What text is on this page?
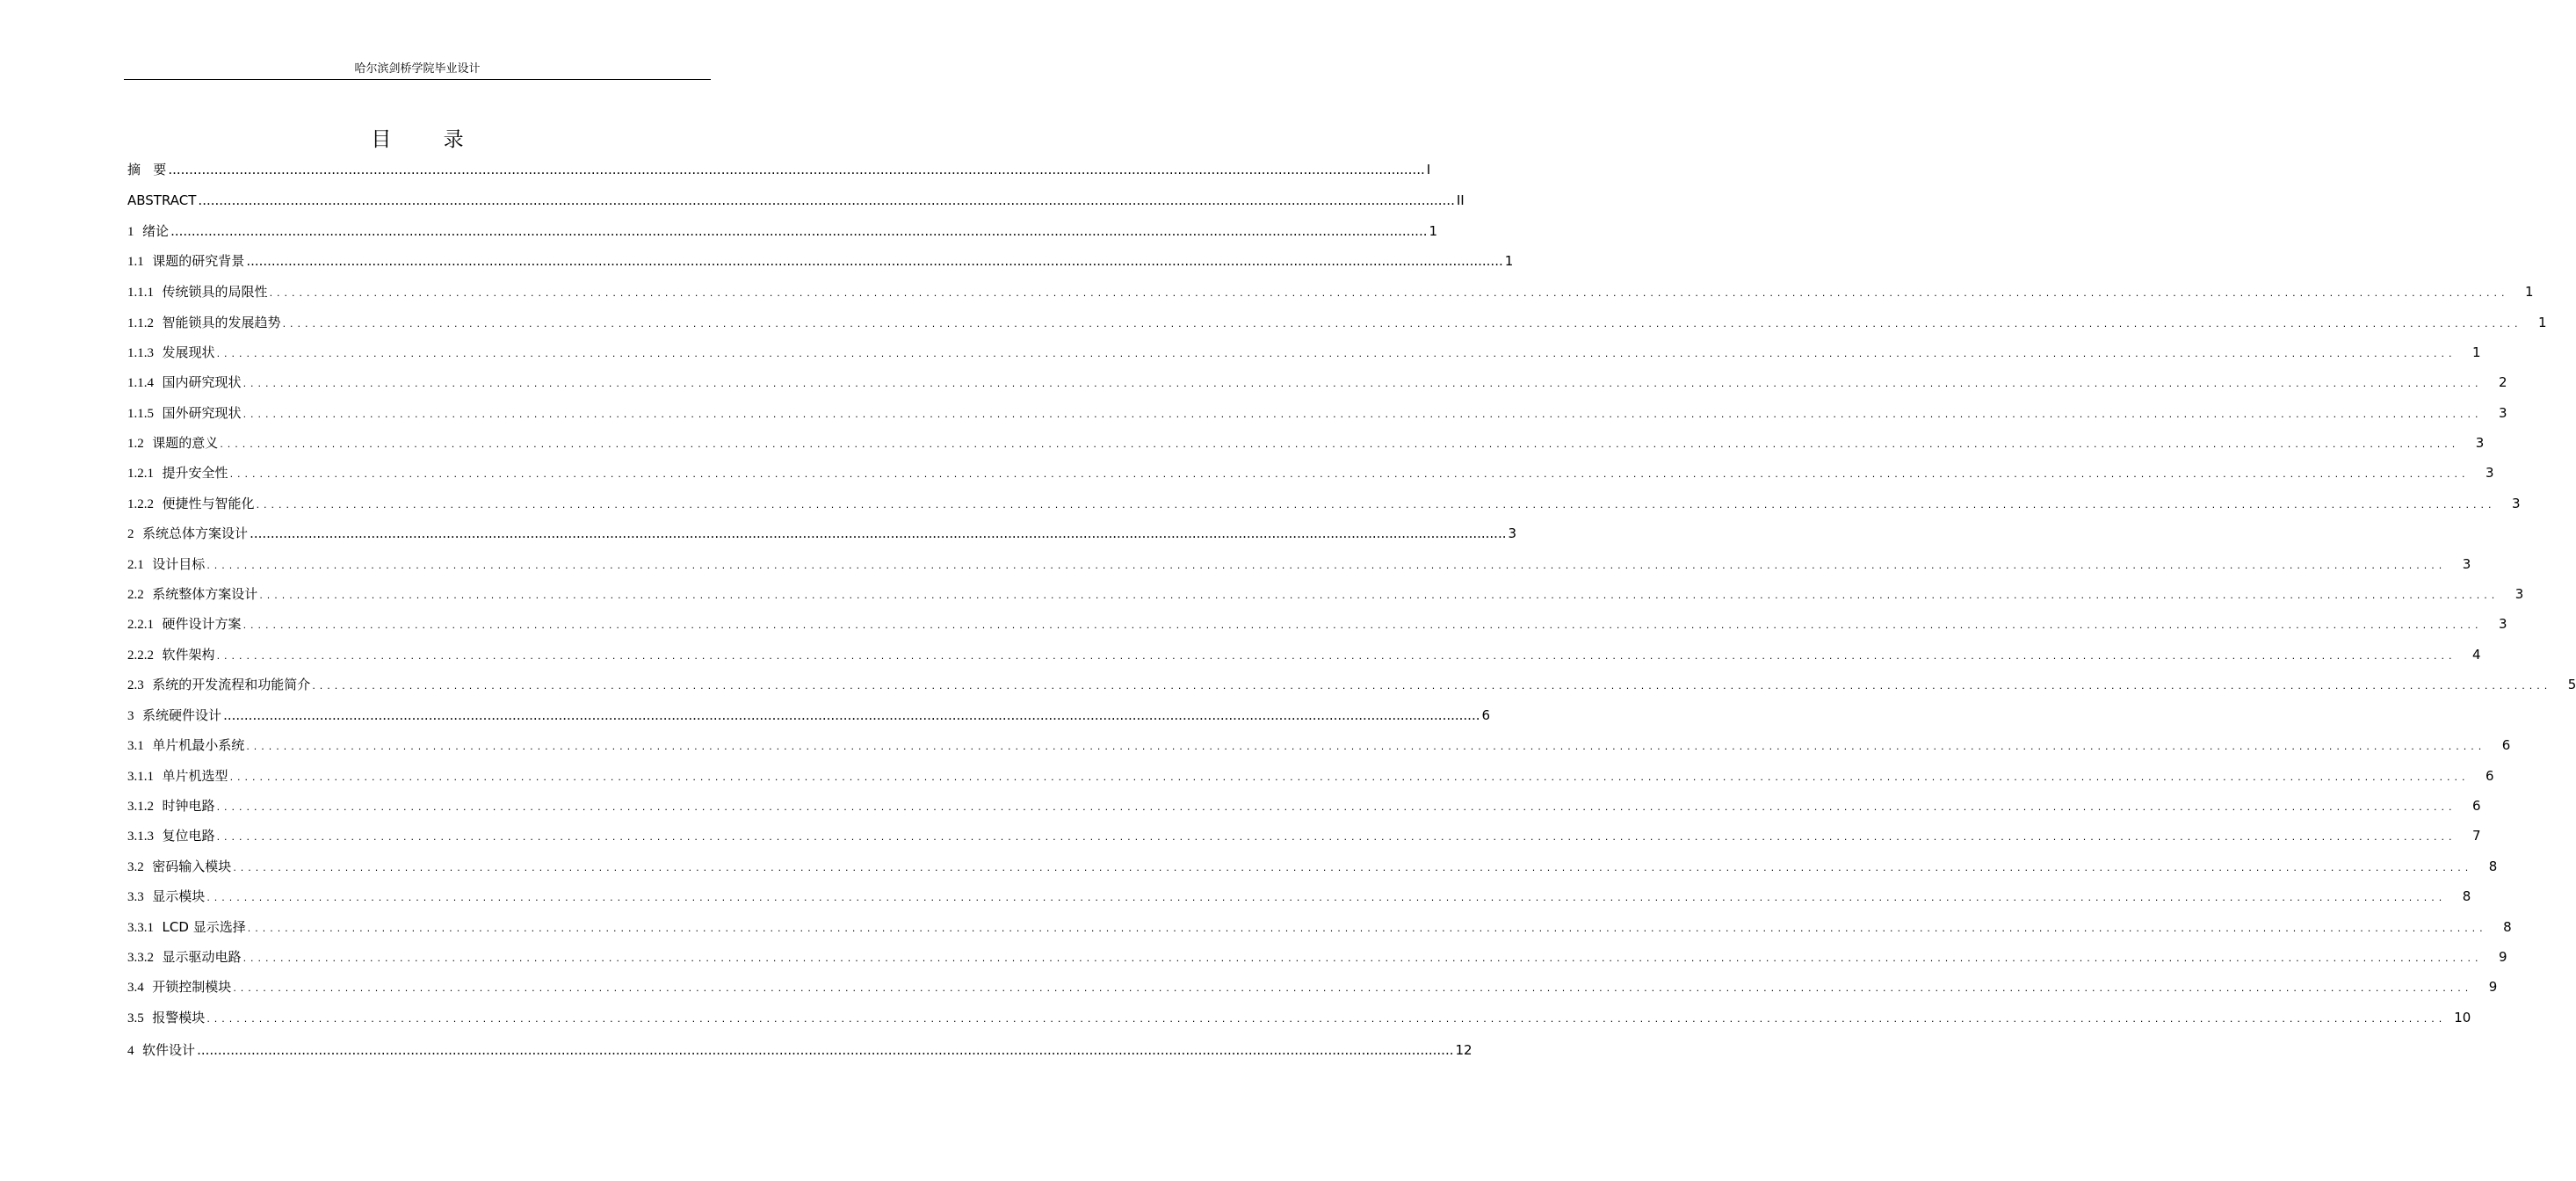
哈尔滨剑桥学院毕业设计
目 录
摘   要 ............................................................................................................................................................................................................................................................................................................ I
ABSTRACT ............................................................................................................................................................................................................................................................................................................ II
1 绪论 ............................................................................................................................................................................................................................................................................................................ 1
1.1 课题的研究背景 ............................................................................................................................................................................................................................................................................................................ 1
1.1.1 传统锁具的局限性 ............................................................................................................................................................................................................................................................................................................	1
1.1.2 智能锁具的发展趋势 ............................................................................................................................................................................................................................................................................................................	1
1.1.3 发展现状 ............................................................................................................................................................................................................................................................................................................	1
1.1.4 国内研究现状 ............................................................................................................................................................................................................................................................................................................	2
1.1.5 国外研究现状 ............................................................................................................................................................................................................................................................................................................	3
1.2 课题的意义 ............................................................................................................................................................................................................................................................................................................	3
1.2.1 提升安全性 ............................................................................................................................................................................................................................................................................................................	3
1.2.2 便捷性与智能化 ............................................................................................................................................................................................................................................................................................................	3
2 系统总体方案设计 ............................................................................................................................................................................................................................................................................................................ 3
2.1 设计目标 ............................................................................................................................................................................................................................................................................................................	3
2.2 系统整体方案设计 ............................................................................................................................................................................................................................................................................................................	3
2.2.1 硬件设计方案 ............................................................................................................................................................................................................................................................................................................	3
2.2.2 软件架构 ............................................................................................................................................................................................................................................................................................................	4
2.3 系统的开发流程和功能简介 ............................................................................................................................................................................................................................................................................................................	5
3 系统硬件设计 ............................................................................................................................................................................................................................................................................................................ 6
3.1 单片机最小系统 ............................................................................................................................................................................................................................................................................................................	6
3.1.1 单片机选型 ............................................................................................................................................................................................................................................................................................................	6
3.1.2 时钟电路 ............................................................................................................................................................................................................................................................................................................	6
3.1.3 复位电路 ............................................................................................................................................................................................................................................................................................................	7
3.2 密码输入模块 ............................................................................................................................................................................................................................................................................................................	8
3.3 显示模块 ............................................................................................................................................................................................................................................................................................................	8
3.3.1 LCD 显示选择 ............................................................................................................................................................................................................................................................................................................	8
3.3.2 显示驱动电路 ............................................................................................................................................................................................................................................................................................................	9
3.4 开锁控制模块 ............................................................................................................................................................................................................................................................................................................	9
3.5 报警模块 ............................................................................................................................................................................................................................................................................................................ 10
4 软件设计 ............................................................................................................................................................................................................................................................................................................ 12
